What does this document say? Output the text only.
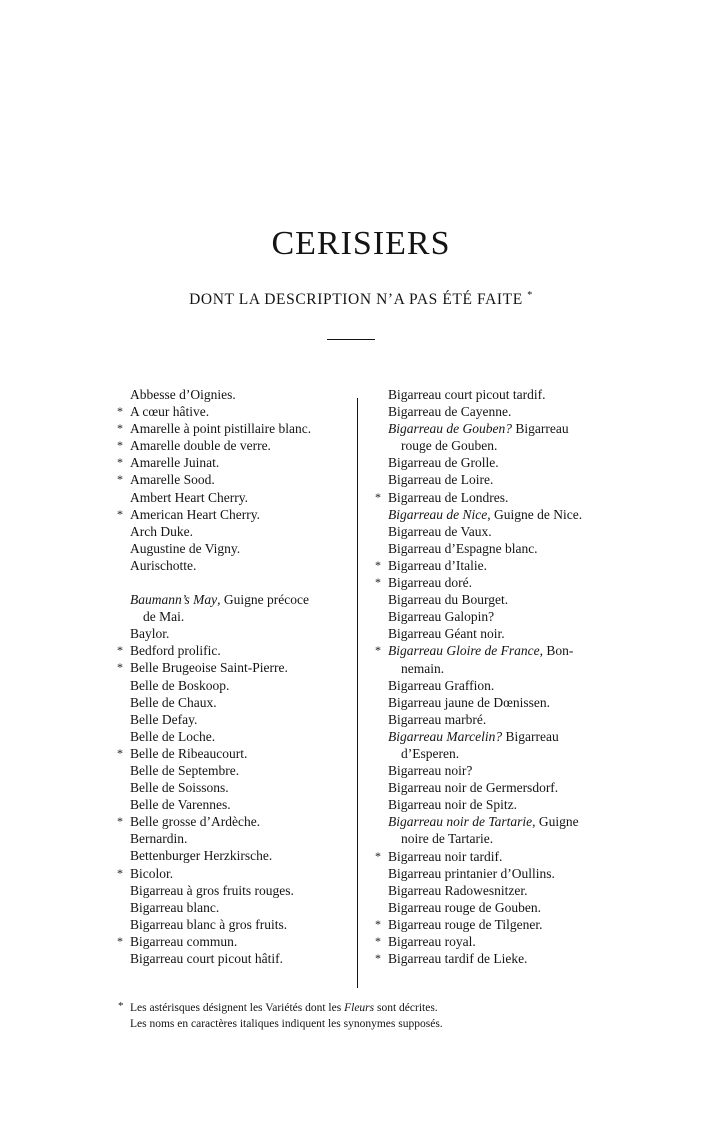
CERISIERS

DONT LA DESCRIPTION N’A PAS ÉTÉ FAITE *

Abbesse d’Oignies.
* A cœur hâtive.
* Amarelle à point pistillaire blanc.
* Amarelle double de verre.
* Amarelle Juinat.
* Amarelle Sood.
Ambert Heart Cherry.
* American Heart Cherry.
Arch Duke.
Augustine de Vigny.
Aurischotte.
Baumann’s May, Guigne précoce
de Mai.
Baylor.
* Bedford prolific.
* Belle Brugeoise Saint-Pierre.
Belle de Boskoop.
Belle de Chaux.
Belle Defay.
Belle de Loche.
* Belle de Ribeaucourt.
Belle de Septembre.
Belle de Soissons.
Belle de Varennes.
* Belle grosse d’Ardèche.
Bernardin.
Bettenburger Herzkirsche.
* Bicolor.
Bigarreau à gros fruits rouges.
Bigarreau blanc.
Bigarreau blanc à gros fruits.
* Bigarreau commun.
Bigarreau court picout hâtif.
Bigarreau court picout tardif.
Bigarreau de Cayenne.
Bigarreau de Gouben? Bigarreau
rouge de Gouben.
Bigarreau de Grolle.
Bigarreau de Loire.
* Bigarreau de Londres.
Bigarreau de Nice, Guigne de Nice.
Bigarreau de Vaux.
Bigarreau d’Espagne blanc.
* Bigarreau d’Italie.
* Bigarreau doré.
Bigarreau du Bourget.
Bigarreau Galopin?
Bigarreau Géant noir.
* Bigarreau Gloire de France, Bon-
nemain.
Bigarreau Graffion.
Bigarreau jaune de Dœnissen.
Bigarreau marbré.
Bigarreau Marcelin? Bigarreau
d’Esperen.
Bigarreau noir?
Bigarreau noir de Germersdorf.
Bigarreau noir de Spitz.
Bigarreau noir de Tartarie, Guigne
noire de Tartarie.
* Bigarreau noir tardif.
Bigarreau printanier d’Oullins.
Bigarreau Radowesnitzer.
Bigarreau rouge de Gouben.
* Bigarreau rouge de Tilgener.
* Bigarreau royal.
* Bigarreau tardif de Lieke.
* Les astérisques désignent les Variétés dont les Fleurs sont décrites.
Les noms en caractères italiques indiquent les synonymes supposés.
